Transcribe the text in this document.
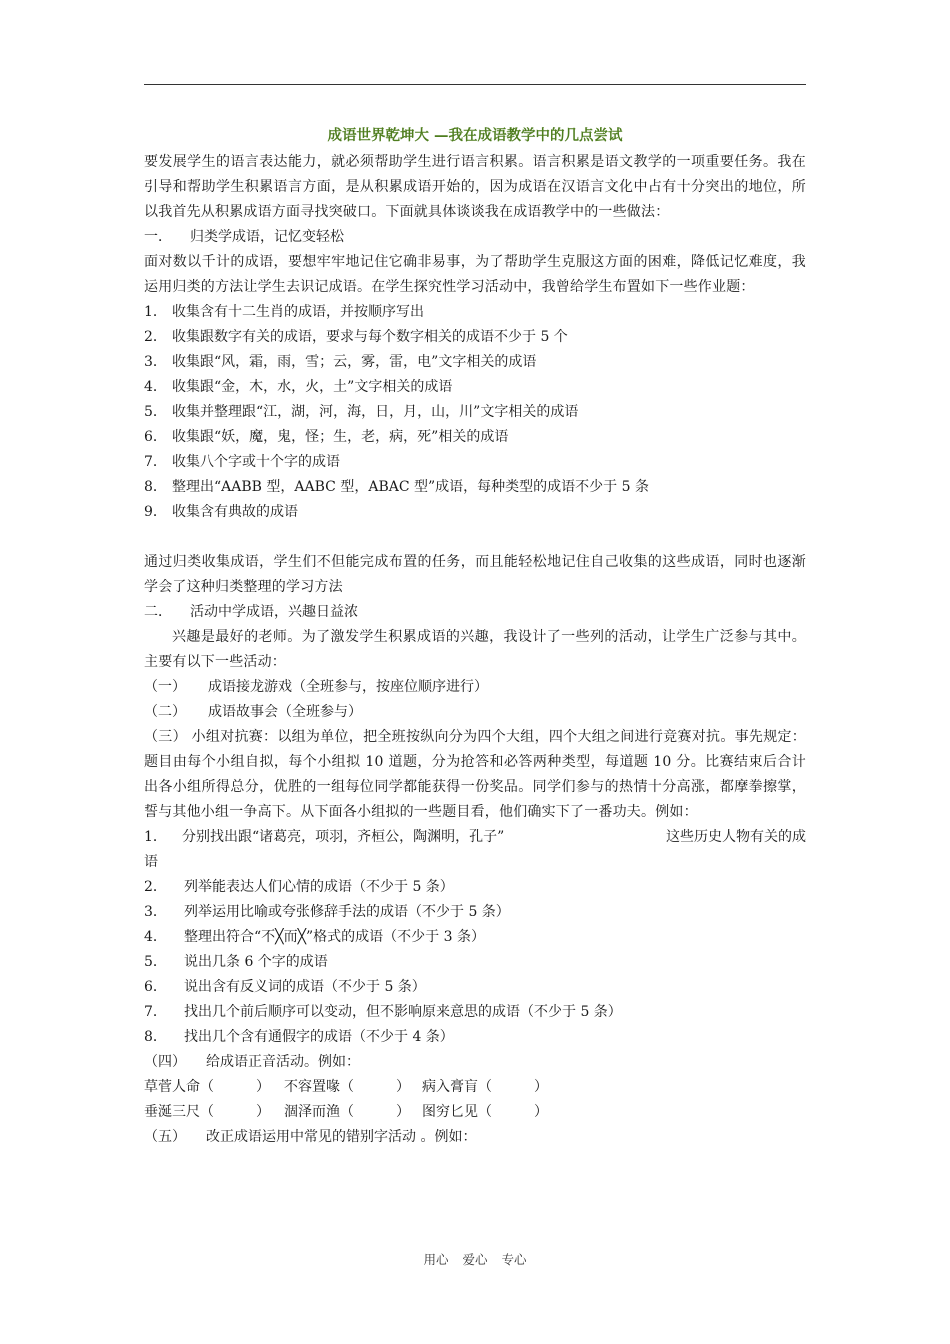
成语世界乾坤大 —我在成语教学中的几点尝试

要发展学生的语言表达能力，就必须帮助学生进行语言积累。语言积累是语文教学的一项重要任务。我在引导和帮助学生积累语言方面，是从积累成语开始的，因为成语在汉语言文化中占有十分突出的地位，所以我首先从积累成语方面寻找突破口。下面就具体谈谈我在成语教学中的一些做法：

一． 归类学成语，记忆变轻松

面对数以千计的成语，要想牢牢地记住它确非易事，为了帮助学生克服这方面的困难，降低记忆难度，我运用归类的方法让学生去识记成语。在学生探究性学习活动中，我曾给学生布置如下一些作业题：

1． 收集含有十二生肖的成语，并按顺序写出
2． 收集跟数字有关的成语，要求与每个数字相关的成语不少于 5 个
3． 收集跟“风，霜，雨，雪；云，雾，雷，电”文字相关的成语
4． 收集跟“金，木，水，火，土”文字相关的成语
5． 收集并整理跟“江，湖，河，海，日，月，山，川”文字相关的成语
6． 收集跟“妖，魔，鬼，怪；生，老，病，死”相关的成语
7． 收集八个字或十个字的成语
8． 整理出“AABB 型，AABC 型，ABAC 型”成语，每种类型的成语不少于 5 条
9． 收集含有典故的成语

通过归类收集成语，学生们不但能完成布置的任务，而且能轻松地记住自己收集的这些成语，同时也逐渐学会了这种归类整理的学习方法

二． 活动中学成语，兴趣日益浓

兴趣是最好的老师。为了激发学生积累成语的兴趣，我设计了一些列的活动，让学生广泛参与其中。主要有以下一些活动：

（一） 成语接龙游戏（全班参与，按座位顺序进行）
（二） 成语故事会（全班参与）

（三） 小组对抗赛：以组为单位，把全班按纵向分为四个大组，四个大组之间进行竞赛对抗。事先规定：题目由每个小组自拟，每个小组拟 10 道题，分为抢答和必答两种类型，每道题 10 分。比赛结束后合计出各小组所得总分，优胜的一组每位同学都能获得一份奖品。同学们参与的热情十分高涨，都摩拳擦掌，誓与其他小组一争高下。从下面各小组拟的一些题目看，他们确实下了一番功夫。例如：

1． 分别找出跟“诸葛亮，项羽，齐桓公，陶渊明，孔子”	这些历史人物有关的成
语
2． 列举能表达人们心情的成语（不少于 5 条）
3． 列举运用比喻或夸张修辞手法的成语（不少于 5 条）
4． 整理出符合“不╳而╳”格式的成语（不少于 3 条）
5． 说出几条 6 个字的成语
6． 说出含有反义词的成语（不少于 5 条）
7． 找出几个前后顺序可以变动，但不影响原来意思的成语（不少于 5 条）
8． 找出几个含有通假字的成语（不少于 4 条）
（四） 给成语正音活动。例如：
草菅人命（　　　） 不容置喙（　　　） 病入膏肓（　　　）
垂涎三尺（　　　） 涸泽而渔（　　　） 图穷匕见（　　　）
（五） 改正成语运用中常见的错别字活动 。例如：
用心 爱心 专心
